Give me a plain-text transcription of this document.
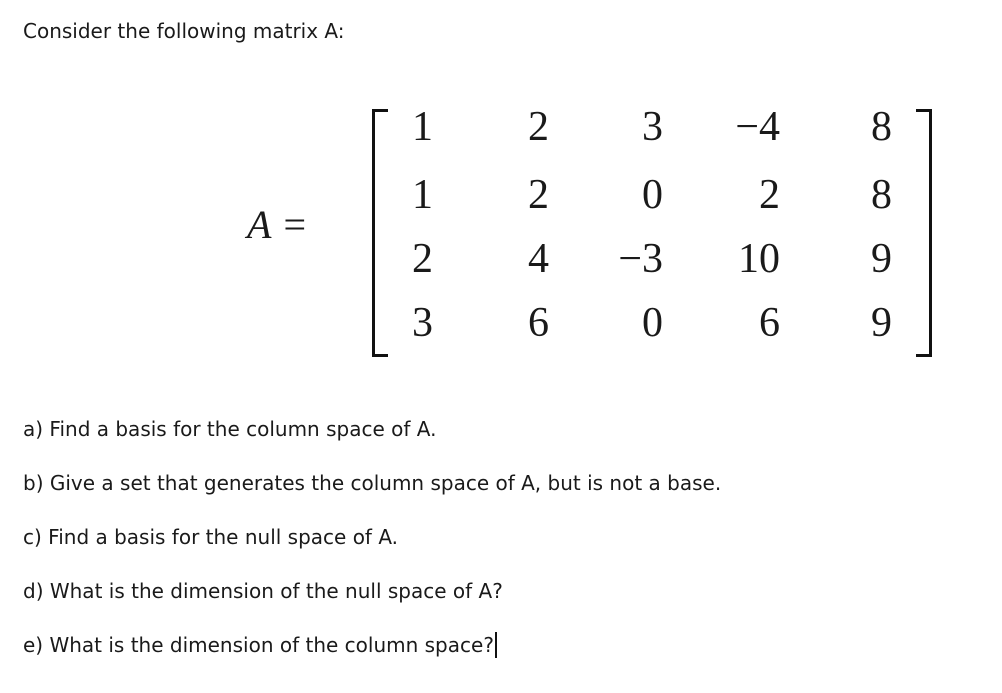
Consider the following matrix A:
A =
1	2	3	−4	8
1	2	0	2	8
2	4	−3	10	9
3	6	0	6	9
a) Find a basis for the column space of A.
b) Give a set that generates the column space of A, but is not a base.
c) Find a basis for the null space of A.
d) What is the dimension of the null space of A?
e) What is the dimension of the column space?
